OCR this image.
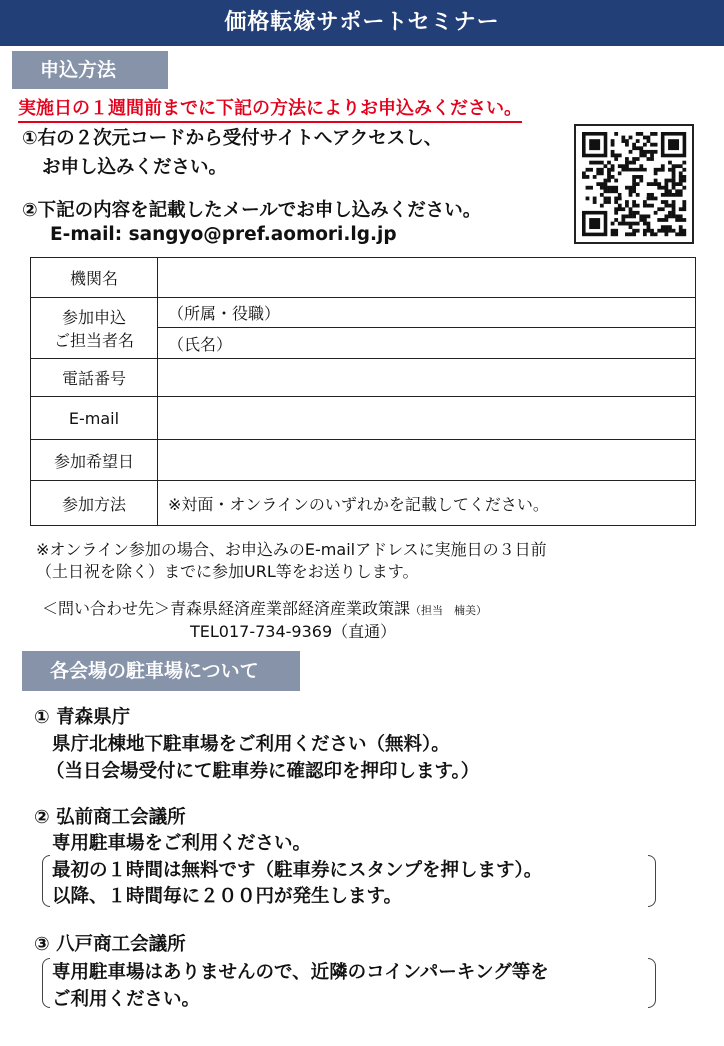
価格転嫁サポートセミナー
申込方法
実施日の１週間前までに下記の方法によりお申込みください。
①右の２次元コードから受付サイトへアクセスし、
お申し込みください。
②下記の内容を記載したメールでお申し込みください。
E-mail: sangyo@pref.aomori.lg.jp
機関名	

参加申込
ご担当者名	（所属・役職）
	（氏名）
電話番号	
E-mail	
参加希望日	
参加方法	※対面・オンラインのいずれかを記載してください。
※オンライン参加の場合、お申込みのE-mailアドレスに実施日の３日前
（土日祝を除く）までに参加URL等をお送りします。
＜問い合わせ先＞青森県経済産業部経済産業政策課（担当　楠美）
TEL017-734-9369（直通）
各会場の駐車場について
① 青森県庁
県庁北棟地下駐車場をご利用ください（無料）。
（当日会場受付にて駐車券に確認印を押印します。）
② 弘前商工会議所
専用駐車場をご利用ください。
最初の１時間は無料です（駐車券にスタンプを押します）。
以降、１時間毎に２００円が発生します。
③ 八戸商工会議所
専用駐車場はありませんので、近隣のコインパーキング等を
ご利用ください。
